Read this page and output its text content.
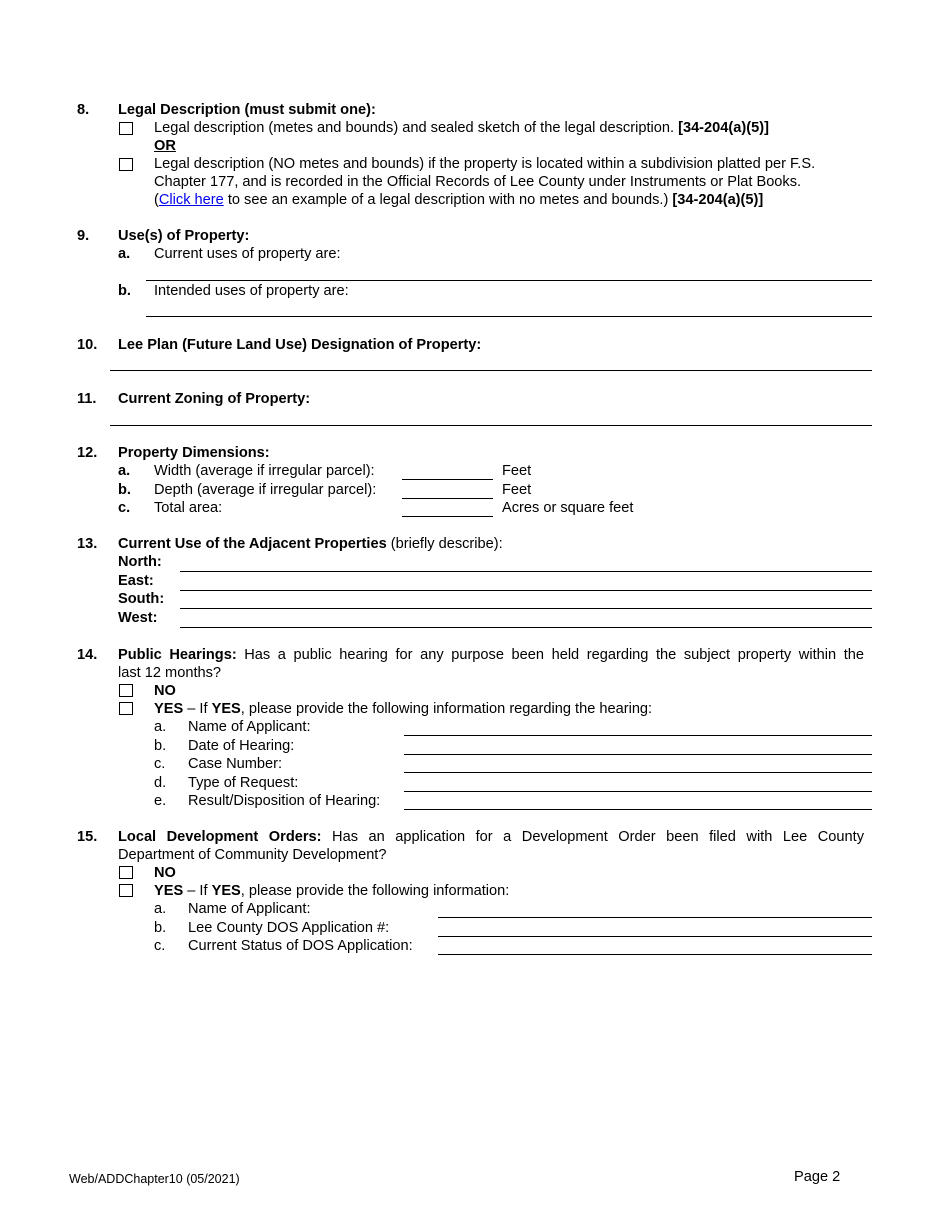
8. Legal Description (must submit one):
Legal description (metes and bounds) and sealed sketch of the legal description. [34-204(a)(5)]
OR
Legal description (NO metes and bounds) if the property is located within a subdivision platted per F.S.
Chapter 177, and is recorded in the Official Records of Lee County under Instruments or Plat Books.
(Click here to see an example of a legal description with no metes and bounds.) [34-204(a)(5)]
9. Use(s) of Property:
a. Current uses of property are:
b. Intended uses of property are:
10. Lee Plan (Future Land Use) Designation of Property:
11. Current Zoning of Property:
12. Property Dimensions:
a. Width (average if irregular parcel):	Feet
b. Depth (average if irregular parcel):	Feet
c. Total area:	Acres or square feet
13. Current Use of the Adjacent Properties (briefly describe):
North:
East:
South:
West:
14. Public Hearings: Has a public hearing for any purpose been held regarding the subject property within the
last 12 months?
NO
YES – If YES, please provide the following information regarding the hearing:
a. Name of Applicant:
b. Date of Hearing:
c. Case Number:
d. Type of Request:
e. Result/Disposition of Hearing:
15. Local Development Orders: Has an application for a Development Order been filed with Lee County
Department of Community Development?
NO
YES – If YES, please provide the following information:
a. Name of Applicant:
b. Lee County DOS Application #:
c. Current Status of DOS Application:
Web/ADDChapter10 (05/2021)	Page 2
